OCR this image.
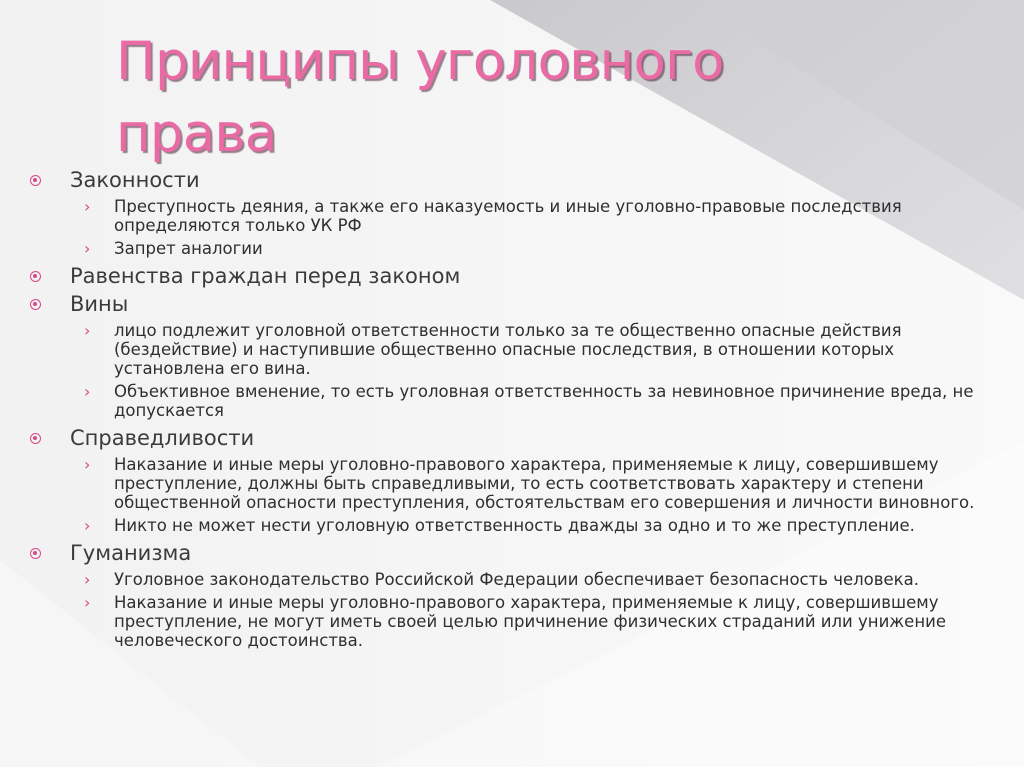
Принципы уголовного
права
Законности
› Преступность деяния, а также его наказуемость и иные уголовно-правовые последствия определяются только УК РФ
› Запрет аналогии
Равенства граждан перед законом
Вины
› лицо подлежит уголовной ответственности только за те общественно опасные действия (бездействие) и наступившие общественно опасные последствия, в отношении которых установлена его вина.
› Объективное вменение, то есть уголовная ответственность за невиновное причинение вреда, не допускается
Справедливости
› Наказание и иные меры уголовно-правового характера, применяемые к лицу, совершившему преступление, должны быть справедливыми, то есть соответствовать характеру и степени общественной опасности преступления, обстоятельствам его совершения и личности виновного.
› Никто не может нести уголовную ответственность дважды за одно и то же преступление.
Гуманизма
› Уголовное законодательство Российской Федерации обеспечивает безопасность человека.
› Наказание и иные меры уголовно-правового характера, применяемые к лицу, совершившему преступление, не могут иметь своей целью причинение физических страданий или унижение человеческого достоинства.
